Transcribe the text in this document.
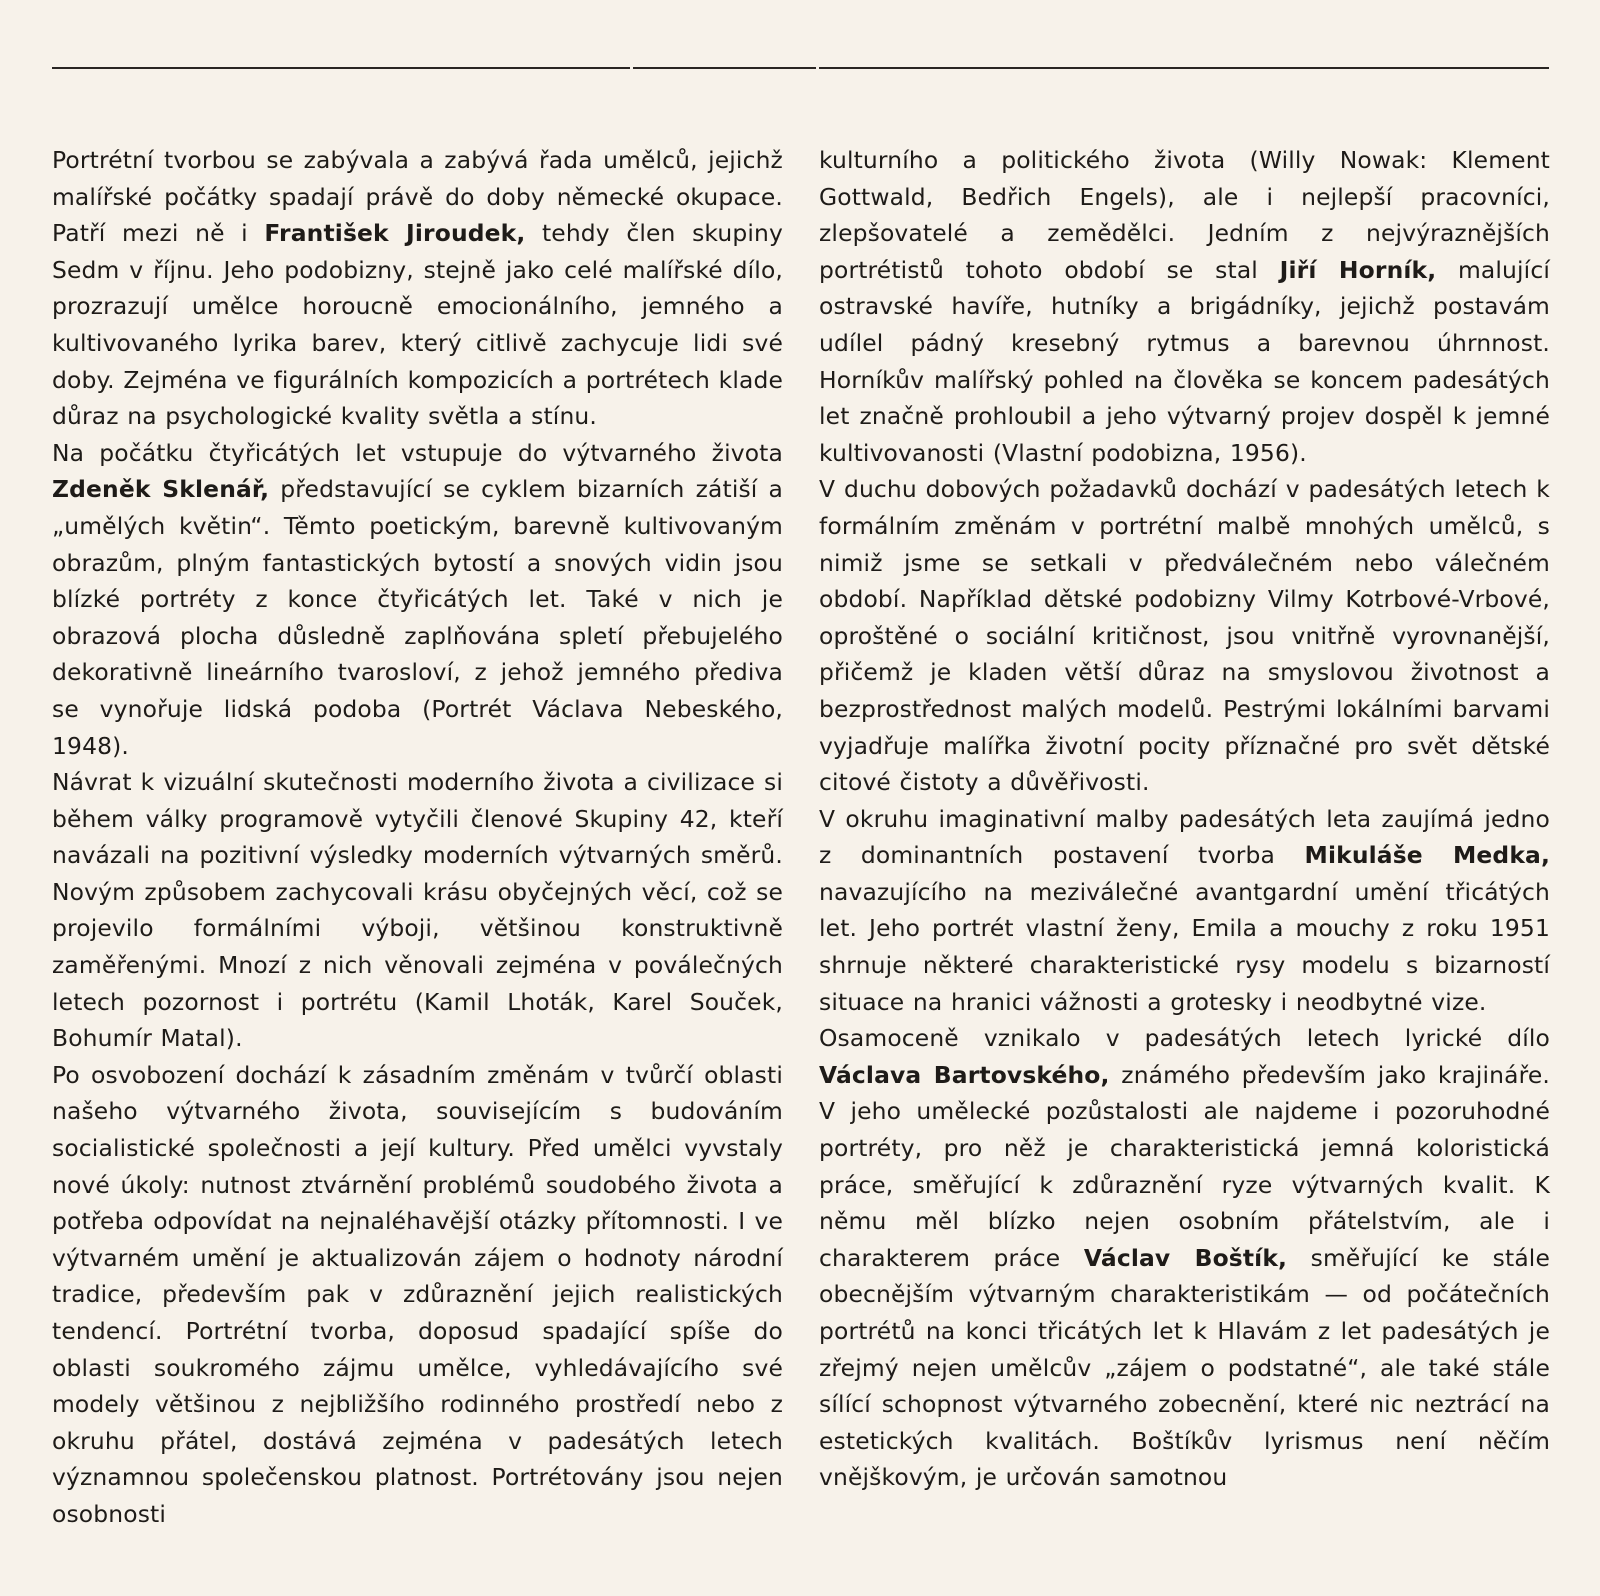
Portrétní tvorbou se zabývala a zabývá řada umělců, jejichž malířské počátky spadají právě do doby německé okupace. Patří mezi ně i František Jiroudek, tehdy člen skupiny Sedm v říjnu. Jeho podobizny, stejně jako celé malířské dílo, prozrazují umělce horoucně emocionálního, jemného a kultivovaného lyrika barev, který citlivě zachycuje lidi své doby. Zejména ve figurálních kompozicích a portrétech klade důraz na psychologické kvality světla a stínu.

Na počátku čtyřicátých let vstupuje do výtvarného života Zdeněk Sklenář, představující se cyklem bizarních zátiší a „umělých květin“. Těmto poetickým, barevně kultivovaným obrazům, plným fantastických bytostí a snových vidin jsou blízké portréty z konce čtyřicátých let. Také v nich je obrazová plocha důsledně zaplňována spletí přebujelého dekorativně lineárního tvarosloví, z jehož jemného přediva se vynořuje lidská podoba (Portrét Václava Nebeského, 1948).

Návrat k vizuální skutečnosti moderního života a civilizace si během války programově vytyčili členové Skupiny 42, kteří navázali na pozitivní výsledky moderních výtvarných směrů. Novým způsobem zachycovali krásu obyčejných věcí, což se projevilo formálními výboji, většinou konstruktivně zaměřenými. Mnozí z nich věnovali zejména v poválečných letech pozornost i portrétu (Kamil Lhoták, Karel Souček, Bohumír Matal).

Po osvobození dochází k zásadním změnám v tvůrčí oblasti našeho výtvarného života, souvisejícím s budováním socialistické společnosti a její kultury. Před umělci vyvstaly nové úkoly: nutnost ztvárnění problémů soudobého života a potřeba odpovídat na nejnaléhavější otázky přítomnosti. I ve výtvarném umění je aktualizován zájem o hodnoty národní tradice, především pak v zdůraznění jejich realistických tendencí. Portrétní tvorba, doposud spadající spíše do oblasti soukromého zájmu umělce, vyhledávajícího své modely většinou z nejbližšího rodinného prostředí nebo z okruhu přátel, dostává zejména v padesátých letech významnou společenskou platnost. Portrétovány jsou nejen osobnosti

kulturního a politického života (Willy Nowak: Klement Gottwald, Bedřich Engels), ale i nejlepší pracovníci, zlepšovatelé a zemědělci. Jedním z nejvýraznějších portrétistů tohoto období se stal Jiří Horník, malující ostravské havíře, hutníky a brigádníky, jejichž postavám udílel pádný kresebný rytmus a barevnou úhrnnost. Horníkův malířský pohled na člověka se koncem padesátých let značně prohloubil a jeho výtvarný projev dospěl k jemné kultivovanosti (Vlastní podobizna, 1956).

V duchu dobových požadavků dochází v padesátých letech k formálním změnám v portrétní malbě mnohých umělců, s nimiž jsme se setkali v předválečném nebo válečném období. Například dětské podobizny Vilmy Kotrbové-Vrbové, oproštěné o sociální kritičnost, jsou vnitřně vyrovnanější, přičemž je kladen větší důraz na smyslovou životnost a bezprostřednost malých modelů. Pestrými lokálními barvami vyjadřuje malířka životní pocity příznačné pro svět dětské citové čistoty a důvěřivosti.

V okruhu imaginativní malby padesátých leta zaujímá jedno z dominantních postavení tvorba Mikuláše Medka, navazujícího na meziválečné avantgardní umění třicátých let. Jeho portrét vlastní ženy, Emila a mouchy z roku 1951 shrnuje některé charakteristické rysy modelu s bizarností situace na hranici vážnosti a grotesky i neodbytné vize.

Osamoceně vznikalo v padesátých letech lyrické dílo Václava Bartovského, známého především jako krajináře. V jeho umělecké pozůstalosti ale najdeme i pozoruhodné portréty, pro něž je charakteristická jemná koloristická práce, směřující k zdůraznění ryze výtvarných kvalit. K němu měl blízko nejen osobním přátelstvím, ale i charakterem práce Václav Boštík, směřující ke stále obecnějším výtvarným charakteristikám — od počátečních portrétů na konci třicátých let k Hlavám z let padesátých je zřejmý nejen umělcův „zájem o podstatné“, ale také stále sílící schopnost výtvarného zobecnění, které nic neztrácí na estetických kvalitách. Boštíkův lyrismus není něčím vnějškovým, je určován samotnou
